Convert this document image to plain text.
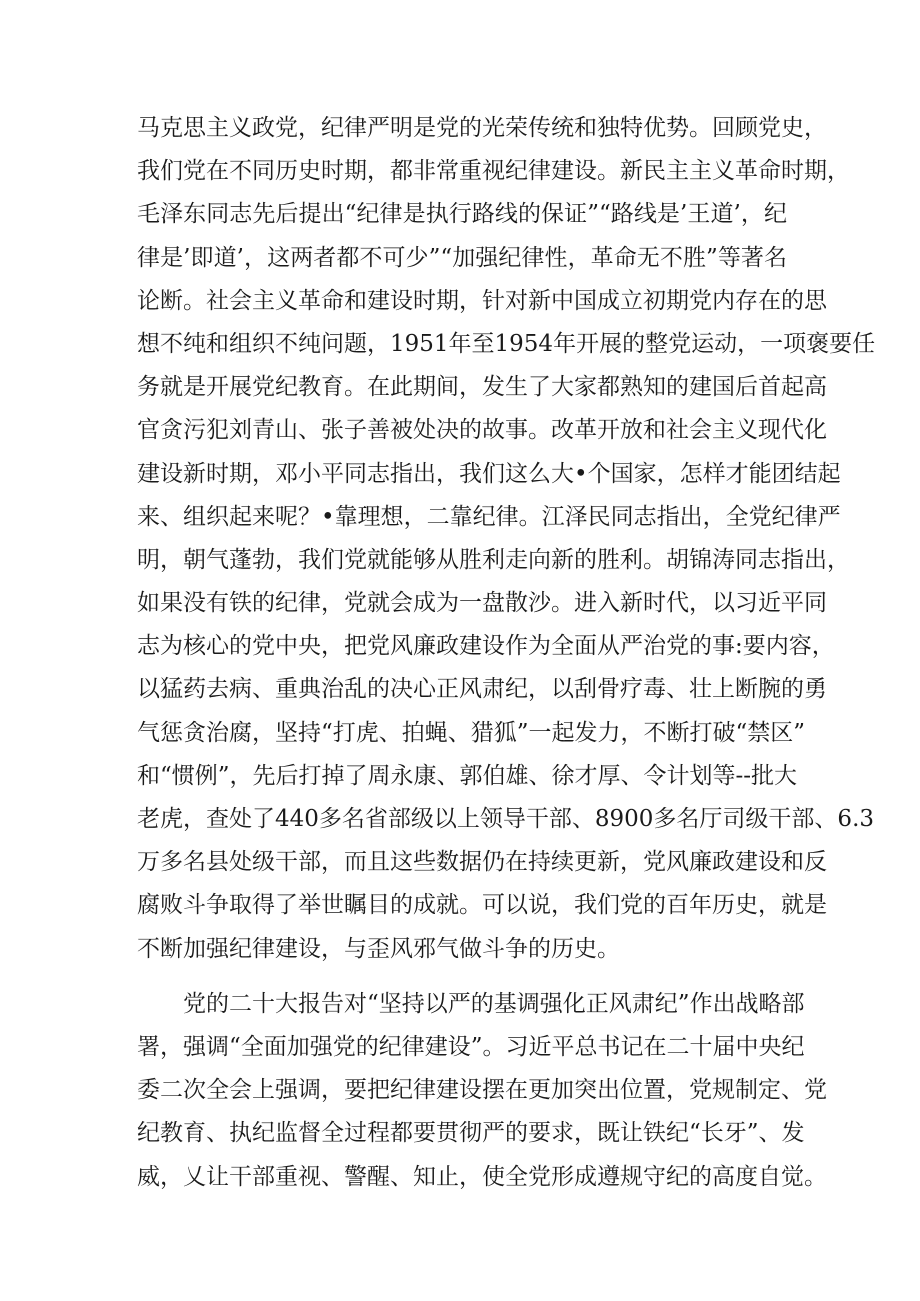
马克思主义政党，纪律严明是党的光荣传统和独特优势。回顾党史，
我们党在不同历史时期，都非常重视纪律建设。新民主主义革命时期，
毛泽东同志先后提出“纪律是执行路线的保证”“路线是’王道’，纪
律是’即道’，这两者都不可少”“加强纪律性，革命无不胜”等著名
论断。社会主义革命和建设时期，针对新中国成立初期党内存在的思
想不纯和组织不纯问题，1951年至1954年开展的整党运动，一项褒要任
务就是开展党纪教育。在此期间，发生了大家都熟知的建国后首起高
官贪污犯刘青山、张子善被处决的故事。改革开放和社会主义现代化
建设新时期，邓小平同志指出，我们这么大•个国家，怎样才能团结起
来、组织起来呢？•靠理想，二靠纪律。江泽民同志指出，全党纪律严
明，朝气蓬勃，我们党就能够从胜利走向新的胜利。胡锦涛同志指出，
如果没有铁的纪律，党就会成为一盘散沙。进入新时代，以习近平同
志为核心的党中央，把党风廉政建设作为全面从严治党的事:要内容，
以猛药去病、重典治乱的决心正风肃纪，以刮骨疗毒、壮上断腕的勇
气惩贪治腐，坚持“打虎、拍蝇、猎狐”一起发力，不断打破“禁区”
和“惯例”，先后打掉了周永康、郭伯雄、徐才厚、令计划等--批大
老虎，查处了440多名省部级以上领导干部、8900多名厅司级干部、6.3
万多名县处级干部，而且这些数据仍在持续更新，党风廉政建设和反
腐败斗争取得了举世瞩目的成就。可以说，我们党的百年历史，就是
不断加强纪律建设，与歪风邪气做斗争的历史。
党的二十大报告对“坚持以严的基调强化正风肃纪”作出战略部
署，强调“全面加强党的纪律建设”。习近平总书记在二十届中央纪
委二次全会上强调，要把纪律建设摆在更加突出位置，党规制定、党
纪教育、执纪监督全过程都要贯彻严的要求，既让铁纪“长牙”、发
威，乂让干部重视、警醒、知止，使全党形成遵规守纪的高度自觉。
